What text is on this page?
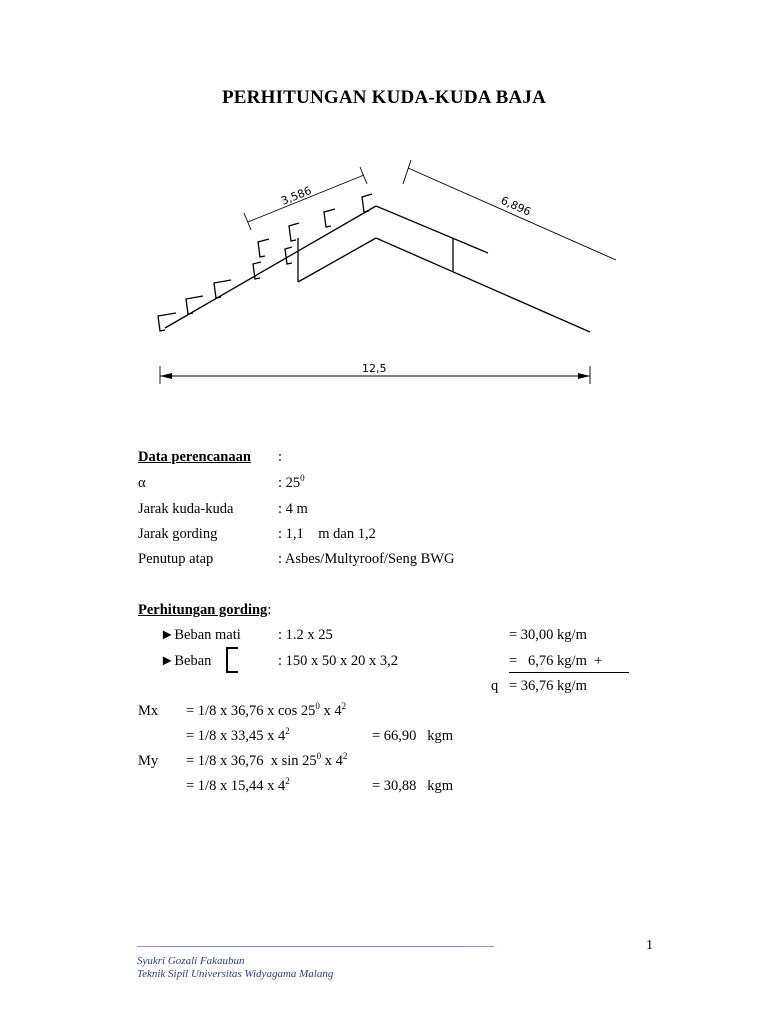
PERHITUNGAN KUDA-KUDA BAJA
3,586	6,896
12,5
Data perencanaan :
α	: $25^0$
Jarak kuda-kuda	: 4 m
Jarak gording	: 1,1    m dan 1,2
Penutup atap	: Asbes/Multyroof/Seng BWG
Perhitungan gording:
►Beban mati	: 1.2 x 25	= 30,00 kg/m
►Beban	: 150 x 50 x 20 x 3,2	=   6,76 kg/m  +
q = 36,76 kg/m
Mx = 1/8 x 36,76 x $\cos 25^0$ x $4^2$
= 1/8 x 33,45 x $4^2$	= 66,90   kgm
My = 1/8 x 36,76  x $\sin 25^0$ x $4^2$
= 1/8 x 15,44 x $4^2$	= 30,88   kgm
1
Syukri Gozali Fakaubun
Teknik Sipil Universitas Widyagama Malang
